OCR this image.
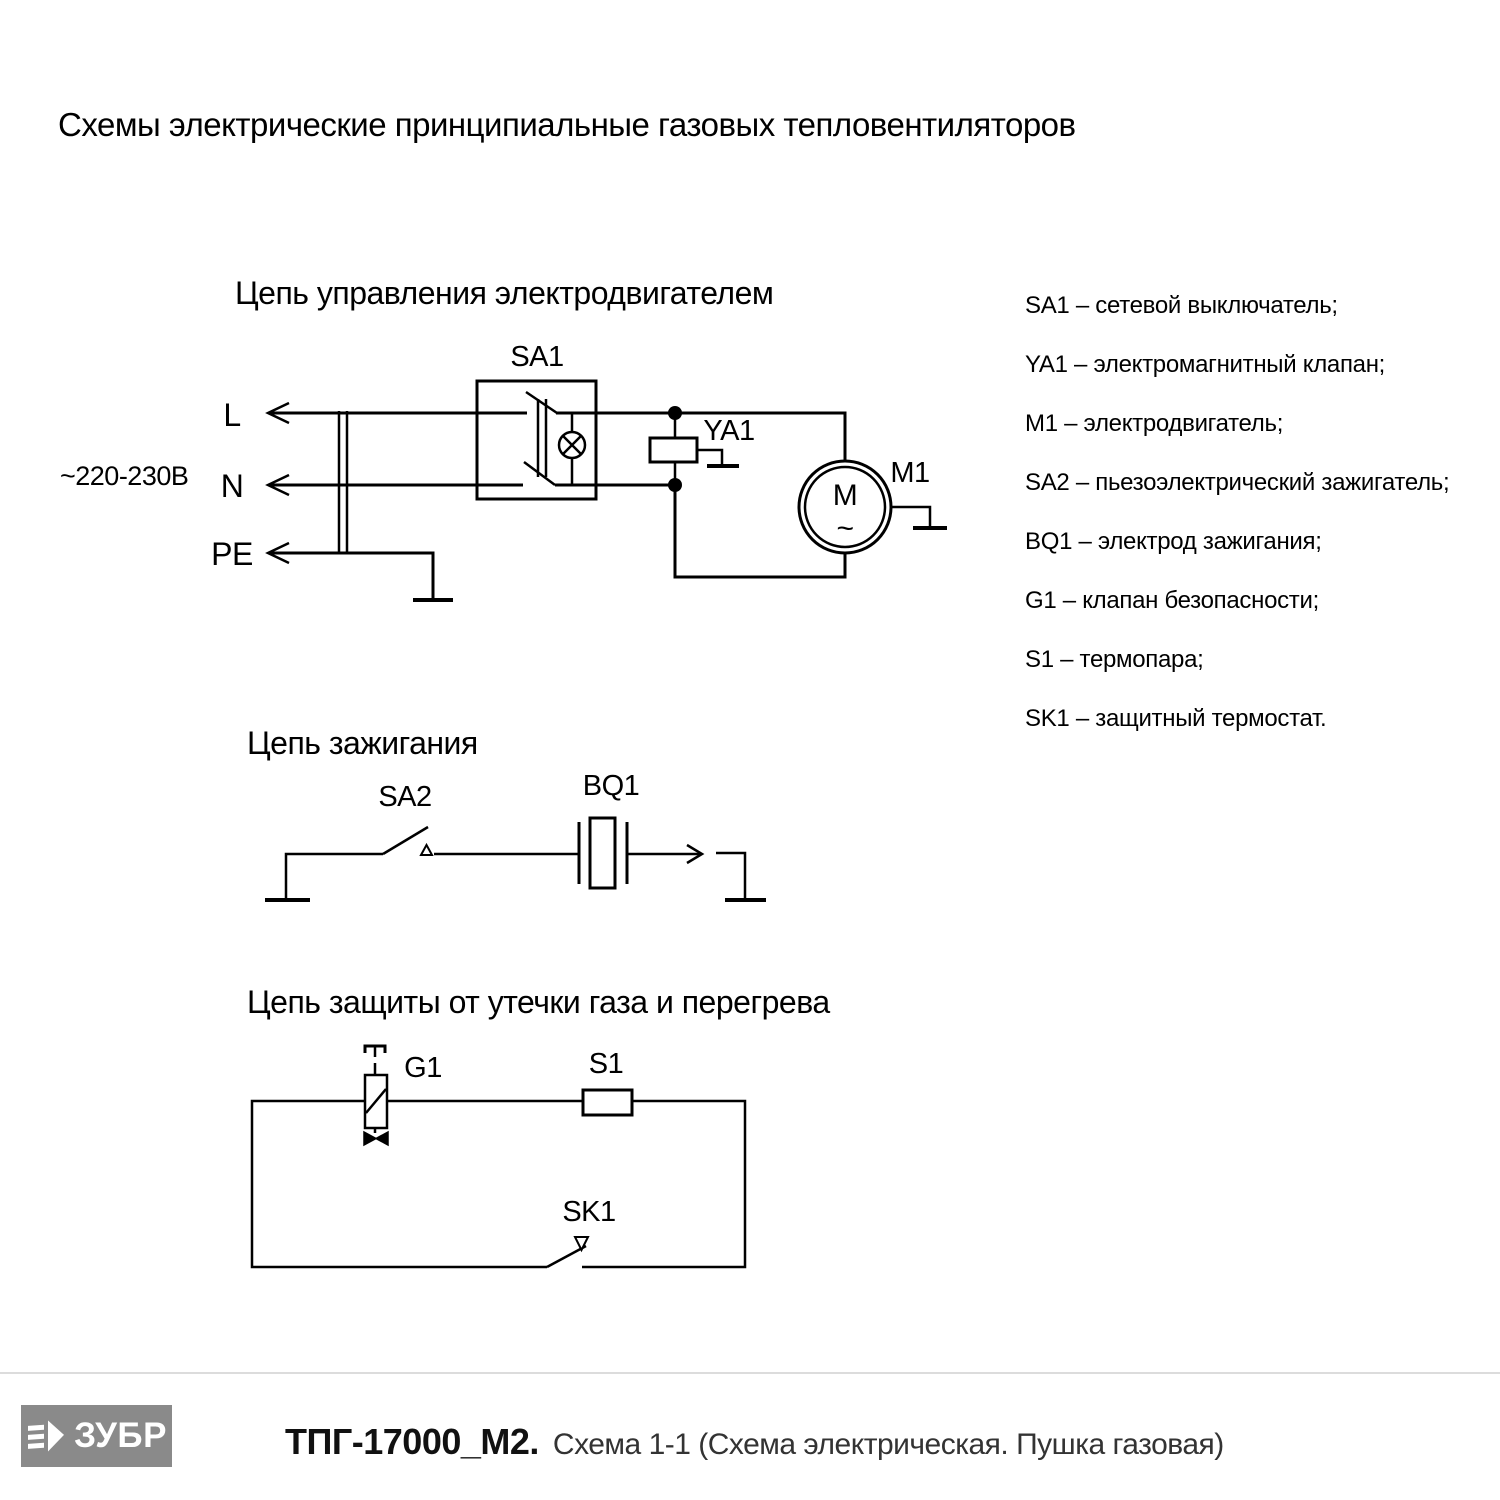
Схемы электрические принципиальные газовых тепловентиляторов
Цепь управления электродвигателем
~220-230В
L
N
PE
SA1
YA1
M1
M
~
Цепь зажигания
SA2	BQ1
Цепь защиты от утечки газа и перегрева
G1	S1
SK1
SA1 – сетевой выключатель;
YA1 – электромагнитный клапан;
M1 – электродвигатель;
SA2 – пьезоэлектрический зажигатель;
BQ1 – электрод зажигания;
G1 – клапан безопасности;
S1 – термопара;
SK1 – защитный термостат.
ЗУБР	ТПГ-17000_М2. Схема 1-1 (Схема электрическая. Пушка газовая)
